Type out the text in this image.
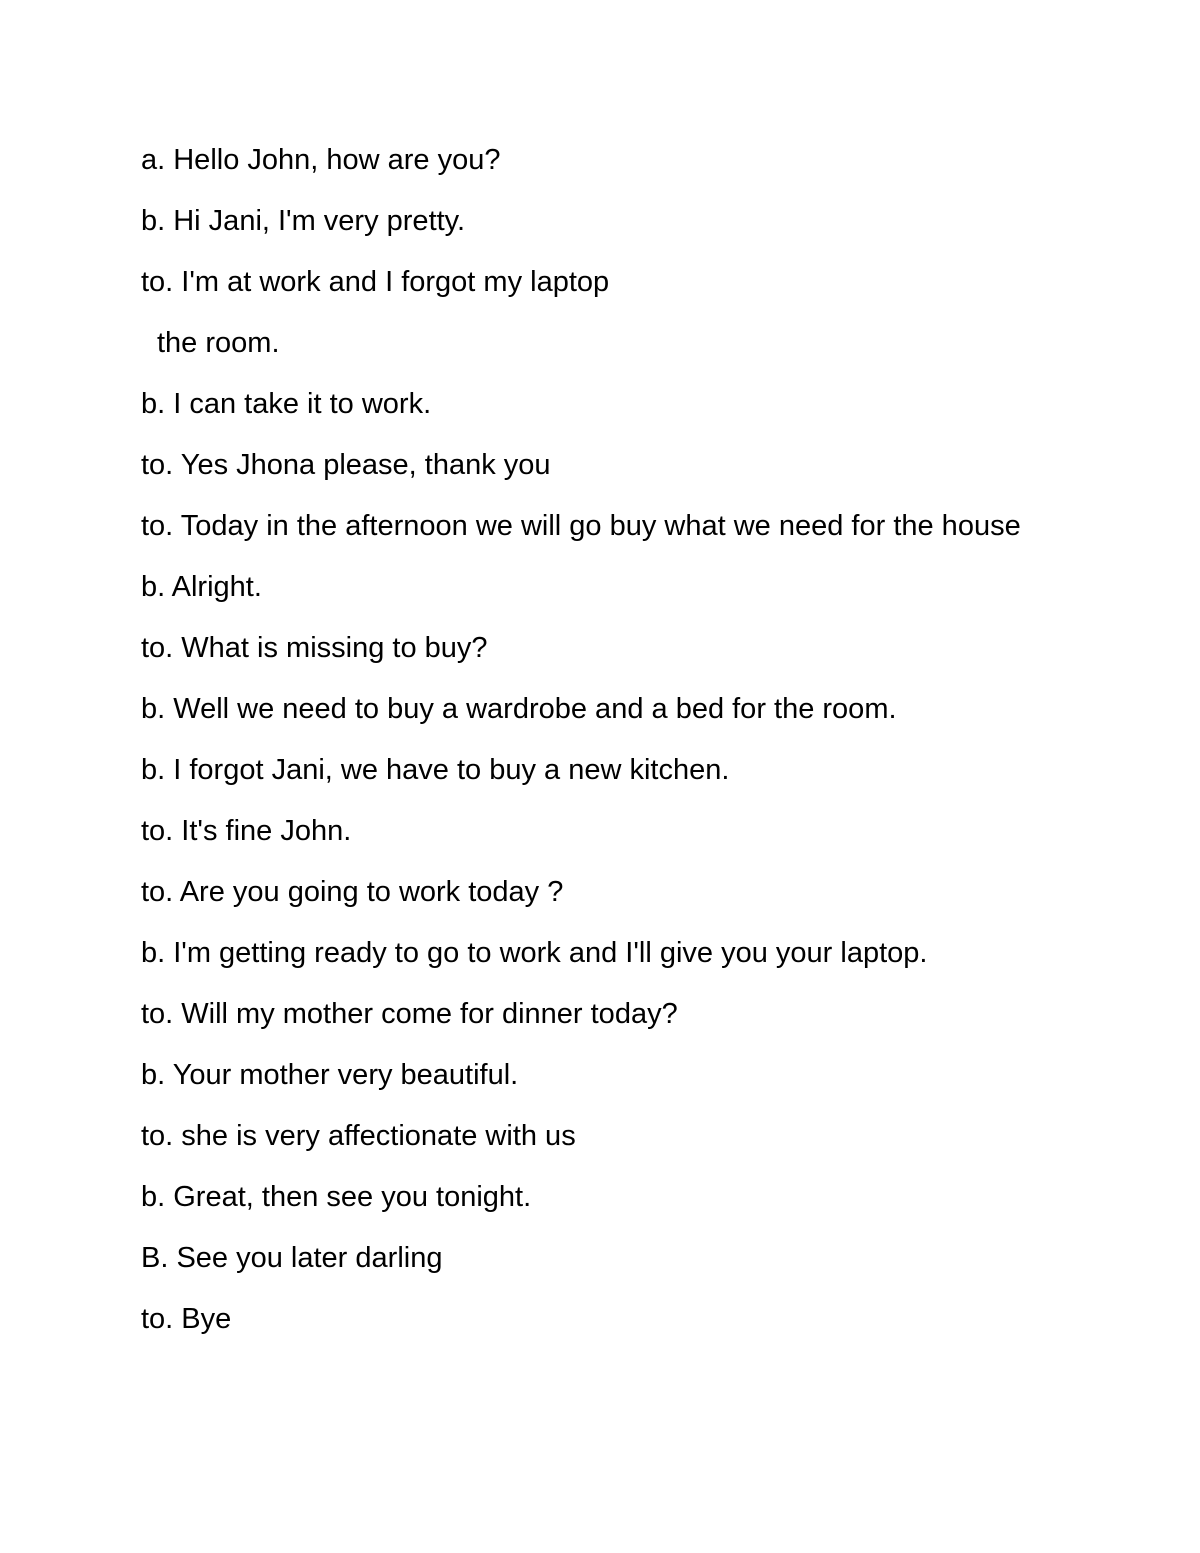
a. Hello John, how are you?
b. Hi Jani, I'm very pretty.
to. I'm at work and I forgot my laptop
the room.
b. I can take it to work.
to. Yes Jhona please, thank you
to. Today in the afternoon we will go buy what we need for the house
b. Alright.
to. What is missing to buy?
b. Well we need to buy a wardrobe and a bed for the room.
b. I forgot Jani, we have to buy a new kitchen.
to. It's fine John.
to. Are you going to work today ?
b. I'm getting ready to go to work and I'll give you your laptop.
to. Will my mother come for dinner today?
b. Your mother very beautiful.
to. she is very affectionate with us
b. Great, then see you tonight.
B. See you later darling
to. Bye
